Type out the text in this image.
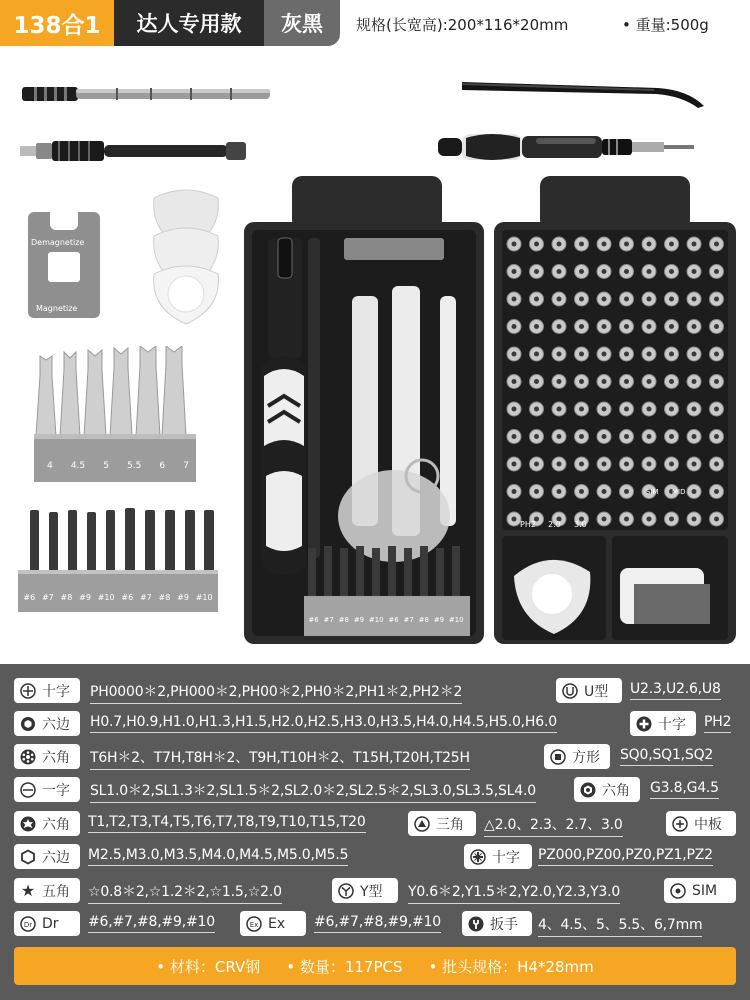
138合1	达人专用款	灰黑	规格(长宽高):200*116*20mm	• 重量:500g
Demagnetize
Magnetize
4 4.5 5 5.5 6 7
#6 #7 #8 #9 #10 #6 #7 #8 #9 #10
#6 #7 #8 #9 #10 #6 #7 #8 #9 #10
SIM MID
PH2 2.0 3.0
十字 PH0000＊2,PH000＊2,PH00＊2,PH0＊2,PH1＊2,PH2＊2	U型 U2.3,U2.6,U8
六边 H0.7,H0.9,H1.0,H1.3,H1.5,H2.0,H2.5,H3.0,H3.5,H4.0,H4.5,H5.0,H6.0	十字 PH2
六角 T6H＊2、T7H,T8H＊2、T9H,T10H＊2、T15H,T20H,T25H	方形 SQ0,SQ1,SQ2
一字 SL1.0＊2,SL1.3＊2,SL1.5＊2,SL2.0＊2,SL2.5＊2,SL3.0,SL3.5,SL4.0	六角 G3.8,G4.5
六角 T1,T2,T3,T4,T5,T6,T7,T8,T9,T10,T15,T20	三角 △2.0、2.3、2.7、3.0	中板
六边 M2.5,M3.0,M3.5,M4.0,M4.5,M5.0,M5.5	十字 PZ000,PZ00,PZ0,PZ1,PZ2
★ 五角 ☆0.8＊2,☆1.2＊2,☆1.5,☆2.0	Y型 Y0.6＊2,Y1.5＊2,Y2.0,Y2.3,Y3.0	SIM
Dr Dr #6,#7,#8,#9,#10	Ex Ex #6,#7,#8,#9,#10	扳手 4、4.5、5、5.5、6,7mm
• 材料：CRV钢 • 数量：117PCS • 批头规格：H4*28mm
